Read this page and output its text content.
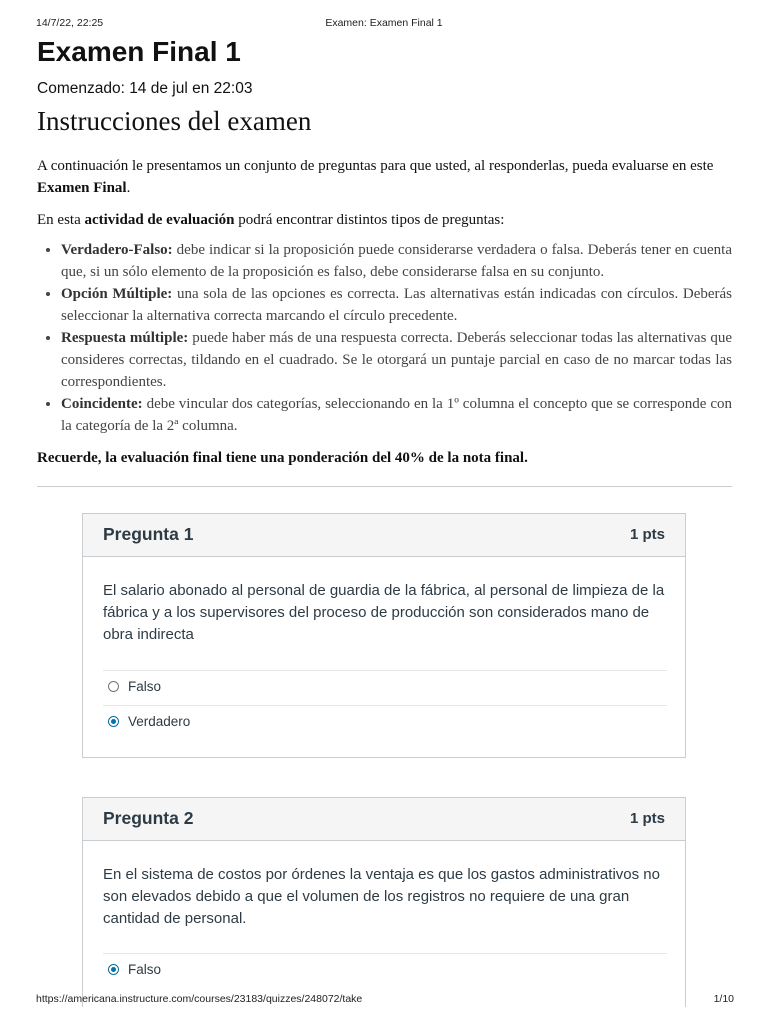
14/7/22, 22:25	Examen: Examen Final 1
Examen Final 1
Comenzado: 14 de jul en 22:03
Instrucciones del examen

A continuación le presentamos un conjunto de preguntas para que usted, al responderlas, pueda evaluarse en este Examen Final.

En esta actividad de evaluación podrá encontrar distintos tipos de preguntas:

• Verdadero-Falso: debe indicar si la proposición puede considerarse verdadera o falsa. Deberás tener en cuenta que, si un sólo elemento de la proposición es falso, debe considerarse falsa en su conjunto.
• Opción Múltiple: una sola de las opciones es correcta. Las alternativas están indicadas con círculos. Deberás seleccionar la alternativa correcta marcando el círculo precedente.
• Respuesta múltiple: puede haber más de una respuesta correcta. Deberás seleccionar todas las alternativas que consideres correctas, tildando en el cuadrado. Se le otorgará un puntaje parcial en caso de no marcar todas las correspondientes.
• Coincidente: debe vincular dos categorías, seleccionando en la 1º columna el concepto que se corresponde con la categoría de la 2ª columna.

Recuerde, la evaluación final tiene una ponderación del 40% de la nota final.

Pregunta 1	1 pts
El salario abonado al personal de guardia de la fábrica, al personal de limpieza de la fábrica y a los supervisores del proceso de producción son considerados mano de obra indirecta
Falso
Verdadero
Pregunta 2	1 pts
En el sistema de costos por órdenes la ventaja es que los gastos administrativos no son elevados debido a que el volumen de los registros no requiere de una gran cantidad de personal.
Falso
https://americana.instructure.com/courses/23183/quizzes/248072/take	1/10
